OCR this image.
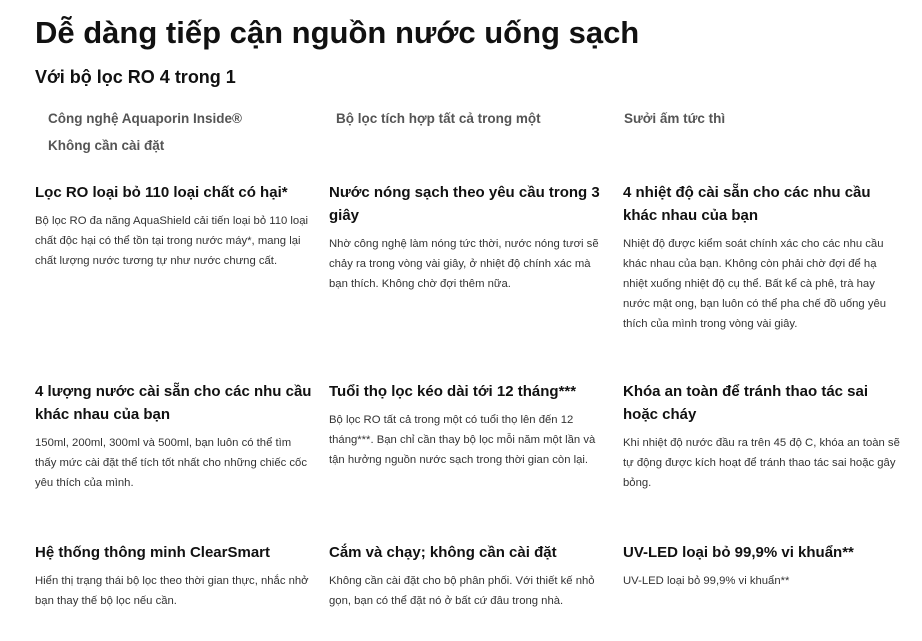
Dễ dàng tiếp cận nguồn nước uống sạch
Với bộ lọc RO 4 trong 1
Công nghệ Aquaporin Inside®	Bộ lọc tích hợp tất cả trong một	Sưởi ấm tức thì
Không cần cài đặt
Lọc RO loại bỏ 110 loại chất có hại*

Bộ lọc RO đa năng AquaShield cải tiến loại bỏ 110 loại chất độc hại có thể tồn tại trong nước máy*, mang lại chất lượng nước tương tự như nước chưng cất.

Nước nóng sạch theo yêu cầu trong 3 giây

Nhờ công nghệ làm nóng tức thời, nước nóng tươi sẽ chảy ra trong vòng vài giây, ở nhiệt độ chính xác mà bạn thích. Không chờ đợi thêm nữa.

4 nhiệt độ cài sẵn cho các nhu cầu khác nhau của bạn

Nhiệt độ được kiểm soát chính xác cho các nhu cầu khác nhau của bạn. Không còn phải chờ đợi để hạ nhiệt xuống nhiệt độ cụ thể. Bất kể cà phê, trà hay nước mật ong, bạn luôn có thể pha chế đồ uống yêu thích của mình trong vòng vài giây.

4 lượng nước cài sẵn cho các nhu cầu khác nhau của bạn

150ml, 200ml, 300ml và 500ml, bạn luôn có thể tìm thấy mức cài đặt thể tích tốt nhất cho những chiếc cốc yêu thích của mình.

Tuổi thọ lọc kéo dài tới 12 tháng***

Bộ lọc RO tất cả trong một có tuổi thọ lên đến 12 tháng***. Bạn chỉ cần thay bộ lọc mỗi năm một lần và tận hưởng nguồn nước sạch trong thời gian còn lại.

Khóa an toàn để tránh thao tác sai hoặc cháy

Khi nhiệt độ nước đầu ra trên 45 độ C, khóa an toàn sẽ tự động được kích hoạt để tránh thao tác sai hoặc gây bỏng.

Hệ thống thông minh ClearSmart

Hiển thị trạng thái bộ lọc theo thời gian thực, nhắc nhở bạn thay thế bộ lọc nếu cần.

Cắm và chạy; không cần cài đặt

Không cần cài đặt cho bộ phân phối. Với thiết kế nhỏ gọn, bạn có thể đặt nó ở bất cứ đâu trong nhà.

UV-LED loại bỏ 99,9% vi khuẩn**

UV-LED loại bỏ 99,9% vi khuẩn**
